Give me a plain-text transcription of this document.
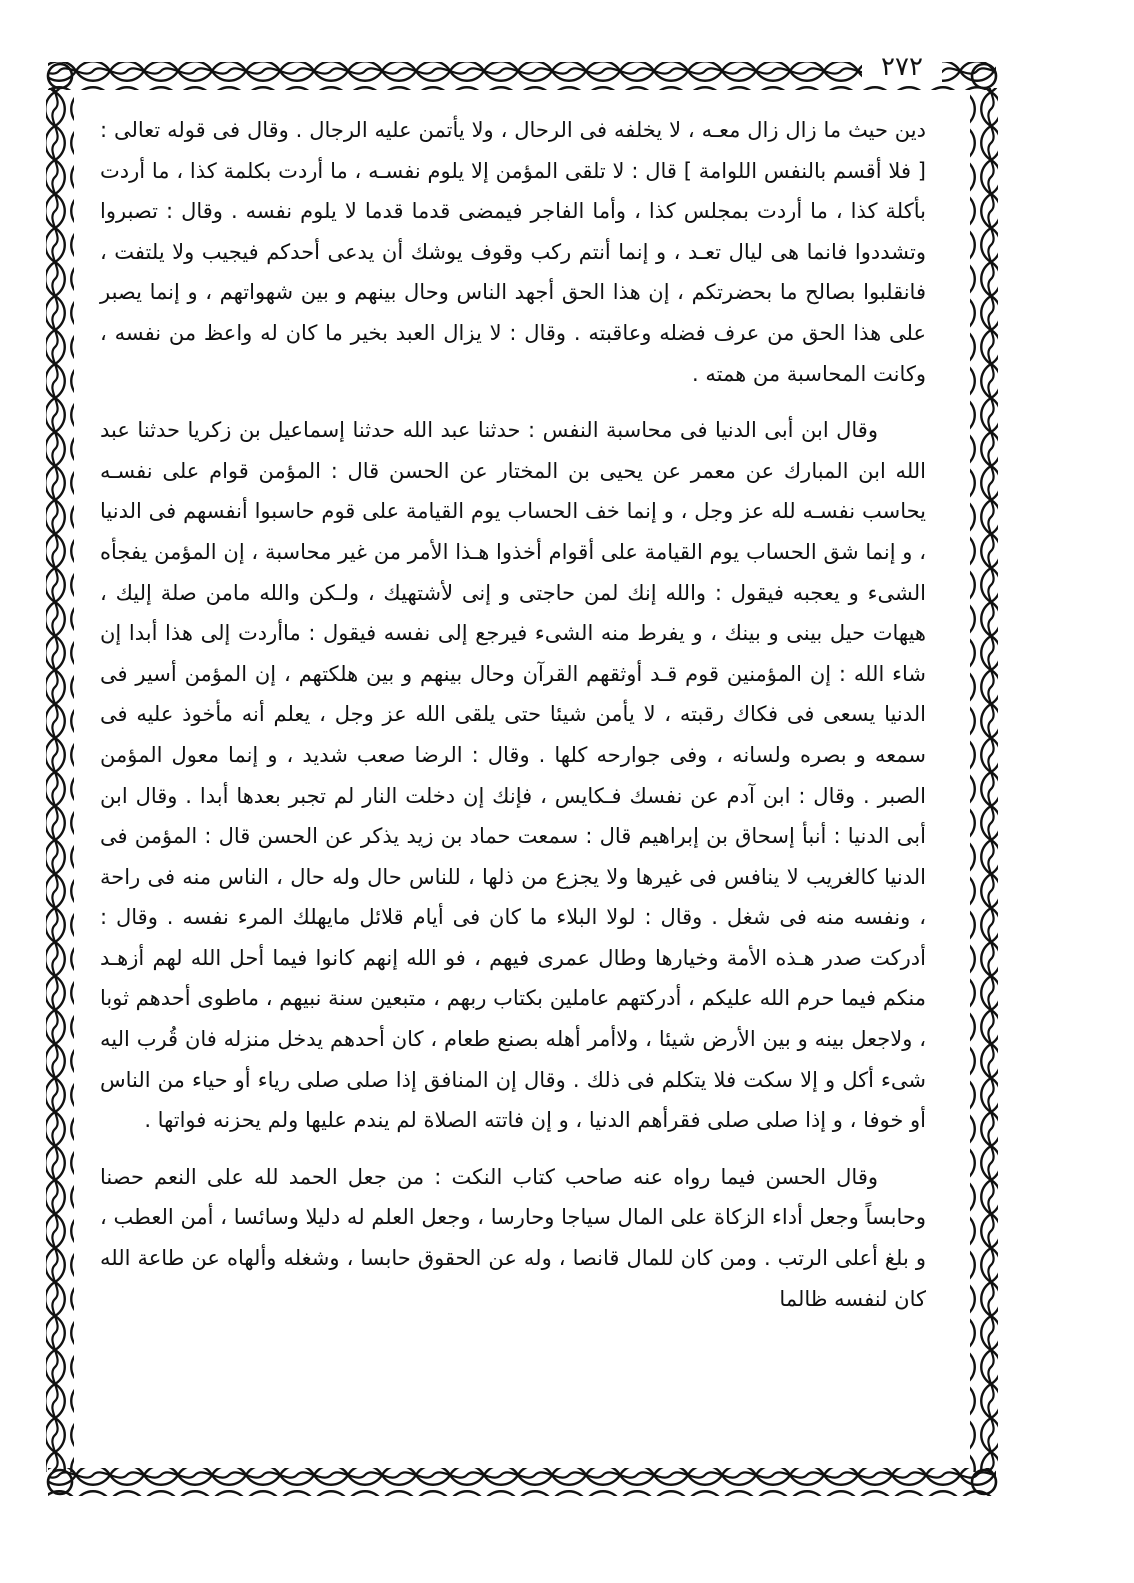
٢٧٢

دين حيث ما زال زال معـه ، لا يخلفه فى الرحال ، ولا يأتمن عليه الرجال . وقال فى قوله تعالى : [ فلا أقسم بالنفس اللوامة ] قال : لا تلقى المؤمن إلا يلوم نفسـه ، ما أردت بكلمة كذا ، ما أردت بأكلة كذا ، ما أردت بمجلس كذا ، وأما الفاجر فيمضى قدما قدما لا يلوم نفسه . وقال : تصبروا وتشددوا فانما هى ليال تعـد ، و إنما أنتم ركب وقوف يوشك أن يدعى أحدكم فيجيب ولا يلتفت ، فانقلبوا بصالح ما بحضرتكم ، إن هذا الحق أجهد الناس وحال بينهم و بين شهواتهم ، و إنما يصبر على هذا الحق من عرف فضله وعاقبته . وقال : لا يزال العبد بخير ما كان له واعظ من نفسه ، وكانت المحاسبة من همته .

وقال ابن أبى الدنيا فى محاسبة النفس : حدثنا عبد الله حدثنا إسماعيل بن زكريا حدثنا عبد الله ابن المبارك عن معمر عن يحيى بن المختار عن الحسن قال : المؤمن قوام على نفسـه يحاسب نفسـه لله عز وجل ، و إنما خف الحساب يوم القيامة على قوم حاسبوا أنفسهم فى الدنيا ، و إنما شق الحساب يوم القيامة على أقوام أخذوا هـذا الأمر من غير محاسبة ، إن المؤمن يفجأه الشىء و يعجبه فيقول : والله إنك لمن حاجتى و إنى لأشتهيك ، ولـكن والله مامن صلة إليك ، هيهات حيل بينى و بينك ، و يفرط منه الشىء فيرجع إلى نفسه فيقول : ماأردت إلى هذا أبدا إن شاء الله : إن المؤمنين قوم قـد أوثقهم القرآن وحال بينهم و بين هلكتهم ، إن المؤمن أسير فى الدنيا يسعى فى فكاك رقبته ، لا يأمن شيئا حتى يلقى الله عز وجل ، يعلم أنه مأخوذ عليه فى سمعه و بصره ولسانه ، وفى جوارحه كلها . وقال : الرضا صعب شديد ، و إنما معول المؤمن الصبر . وقال : ابن آدم عن نفسك فـكايس ، فإنك إن دخلت النار لم تجبر بعدها أبدا . وقال ابن أبى الدنيا : أنبأ إسحاق بن إبراهيم قال : سمعت حماد بن زيد يذكر عن الحسن قال : المؤمن فى الدنيا كالغريب لا ينافس فى غيرها ولا يجزع من ذلها ، للناس حال وله حال ، الناس منه فى راحة ، ونفسه منه فى شغل . وقال : لولا البلاء ما كان فى أيام قلائل مايهلك المرء نفسه . وقال : أدركت صدر هـذه الأمة وخيارها وطال عمرى فيهم ، فو الله إنهم كانوا فيما أحل الله لهم أزهـد منكم فيما حرم الله عليكم ، أدركتهم عاملين بكتاب ربهم ، متبعين سنة نبيهم ، ماطوى أحدهم ثوبا ، ولاجعل بينه و بين الأرض شيئا ، ولاأمر أهله بصنع طعام ، كان أحدهم يدخل منزله فان قُرب اليه شىء أكل و إلا سكت فلا يتكلم فى ذلك . وقال إن المنافق إذا صلى صلى رياء أو حياء من الناس أو خوفا ، و إذا صلى صلى فقرأهم الدنيا ، و إن فاتته الصلاة لم يندم عليها ولم يحزنه فواتها .

وقال الحسن فيما رواه عنه صاحب كتاب النكت : من جعل الحمد لله على النعم حصنا وحابساً وجعل أداء الزكاة على المال سياجا وحارسا ، وجعل العلم له دليلا وسائسا ، أمن العطب ، و بلغ أعلى الرتب . ومن كان للمال قانصا ، وله عن الحقوق حابسا ، وشغله وألهاه عن طاعة الله كان لنفسه ظالما
